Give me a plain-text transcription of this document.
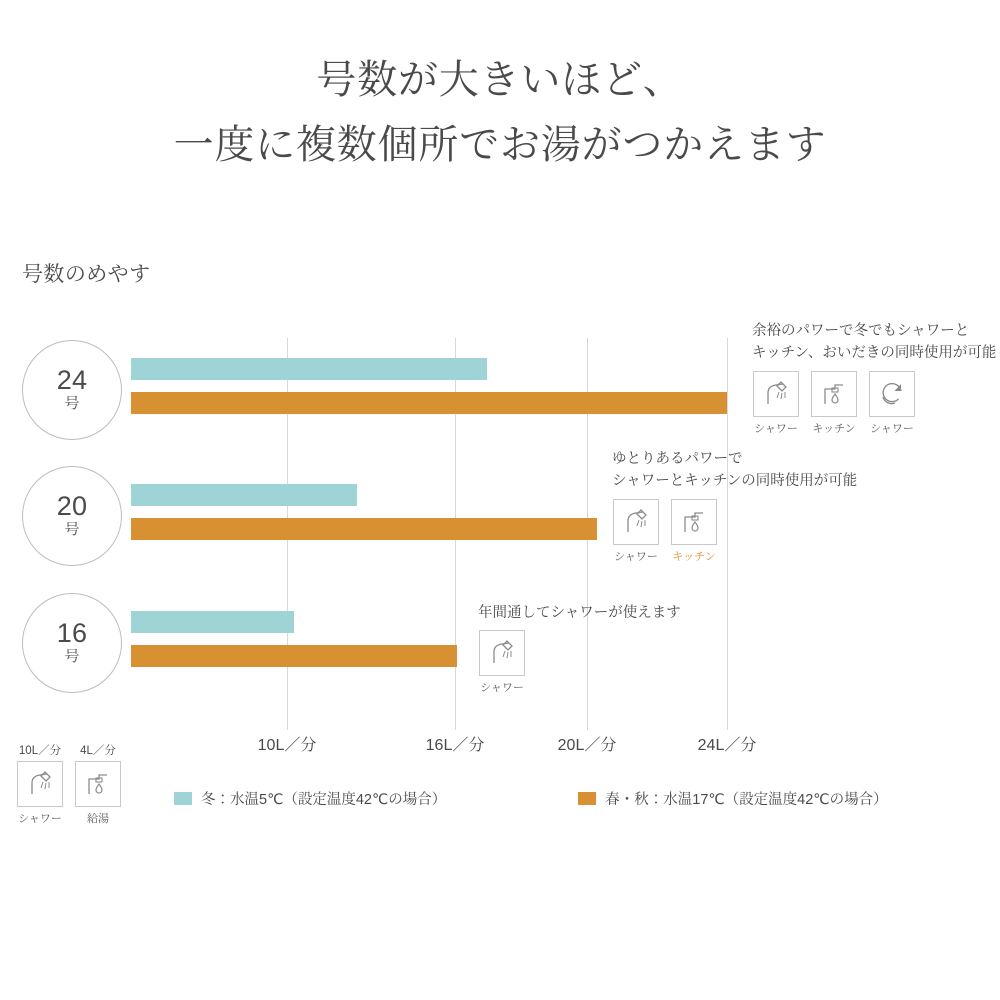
号数が大きいほど、
一度に複数個所でお湯がつかえます
号数のめやす
10L／分	16L／分	20L／分	24L／分
24
号
余裕のパワーで冬でもシャワーと
キッチン、おいだきの同時使用が可能
シャワー キッチン シャワー
20
号
ゆとりあるパワーで
シャワーとキッチンの同時使用が可能
シャワー キッチン
16
号
年間通してシャワーが使えます
シャワー
10L／分	4L／分
シャワー 給湯
冬：水温5℃（設定温度42℃の場合）	春・秋：水温17℃（設定温度42℃の場合）
